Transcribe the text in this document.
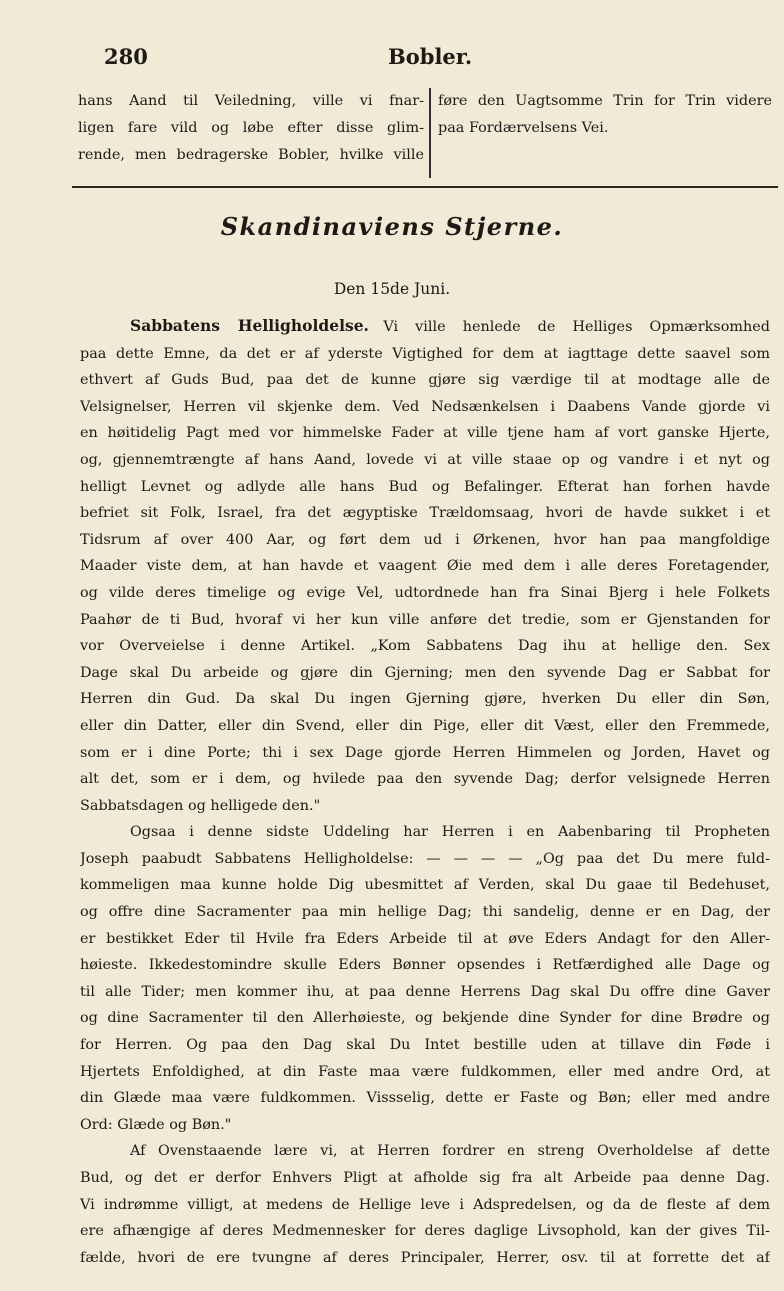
280	Bobler.
hans Aand til Veiledning, ville vi fnar-
ligen fare vild og løbe efter disse glim-
rende, men bedragerske Bobler, hvilke ville
føre den Uagtsomme Trin for Trin videre
paa Fordærvelsens Vei.
Skandinaviens Stjerne.
Den 15de Juni.
Sabbatens Helligholdelse.  Vi ville henlede de Helliges Opmærksomhed
paa dette Emne, da det er af yderste Vigtighed for dem at iagttage dette saavel som
ethvert af Guds Bud, paa det de kunne gjøre sig værdige til at modtage alle de
Velsignelser, Herren vil skjenke dem. Ved Nedsænkelsen i Daabens Vande gjorde vi
en høitidelig Pagt med vor himmelske Fader at ville tjene ham af vort ganske Hjerte,
og, gjennemtrængte af hans Aand, lovede vi at ville staae op og vandre i et nyt og
helligt Levnet og adlyde alle hans Bud og Befalinger. Efterat han forhen havde
befriet sit Folk, Israel, fra det ægyptiske Trældomsaag, hvori de havde sukket i et
Tidsrum af over 400 Aar, og ført dem ud i Ørkenen, hvor han paa mangfoldige
Maader viste dem, at han havde et vaagent Øie med dem i alle deres Foretagender,
og vilde deres timelige og evige Vel, udtordnede han fra Sinai Bjerg i hele Folkets
Paahør de ti Bud, hvoraf vi her kun ville anføre det tredie, som er Gjenstanden for
vor Overveielse i denne Artikel. „Kom Sabbatens Dag ihu at hellige den. Sex
Dage skal Du arbeide og gjøre din Gjerning; men den syvende Dag er Sabbat for
Herren din Gud. Da skal Du ingen Gjerning gjøre, hverken Du eller din Søn,
eller din Datter, eller din Svend, eller din Pige, eller dit Væst, eller den Fremmede,
som er i dine Porte; thi i sex Dage gjorde Herren Himmelen og Jorden, Havet og
alt det, som er i dem, og hvilede paa den syvende Dag; derfor velsignede Herren
Sabbatsdagen og helligede den."
Ogsaa i denne sidste Uddeling har Herren i en Aabenbaring til Propheten
Joseph paabudt Sabbatens Helligholdelse: — — — — „Og paa det Du mere fuld-
kommeligen maa kunne holde Dig ubesmittet af Verden, skal Du gaae til Bedehuset,
og offre dine Sacramenter paa min hellige Dag; thi sandelig, denne er en Dag, der
er bestikket Eder til Hvile fra Eders Arbeide til at øve Eders Andagt for den Aller-
høieste. Ikkedestomindre skulle Eders Bønner opsendes i Retfærdighed alle Dage og
til alle Tider; men kommer ihu, at paa denne Herrens Dag skal Du offre dine Gaver
og dine Sacramenter til den Allerhøieste, og bekjende dine Synder for dine Brødre og
for Herren. Og paa den Dag skal Du Intet bestille uden at tillave din Føde i
Hjertets Enfoldighed, at din Faste maa være fuldkommen, eller med andre Ord, at
din Glæde maa være fuldkommen. Vissselig, dette er Faste og Bøn; eller med andre
Ord: Glæde og Bøn."
Af Ovenstaaende lære vi, at Herren fordrer en streng Overholdelse af dette
Bud, og det er derfor Enhvers Pligt at afholde sig fra alt Arbeide paa denne Dag.
Vi indrømme villigt, at medens de Hellige leve i Adspredelsen, og da de fleste af dem
ere afhængige af deres Medmennesker for deres daglige Livsophold, kan der gives Til-
fælde, hvori de ere tvungne af deres Principaler, Herrer, osv. til at forrette det af
